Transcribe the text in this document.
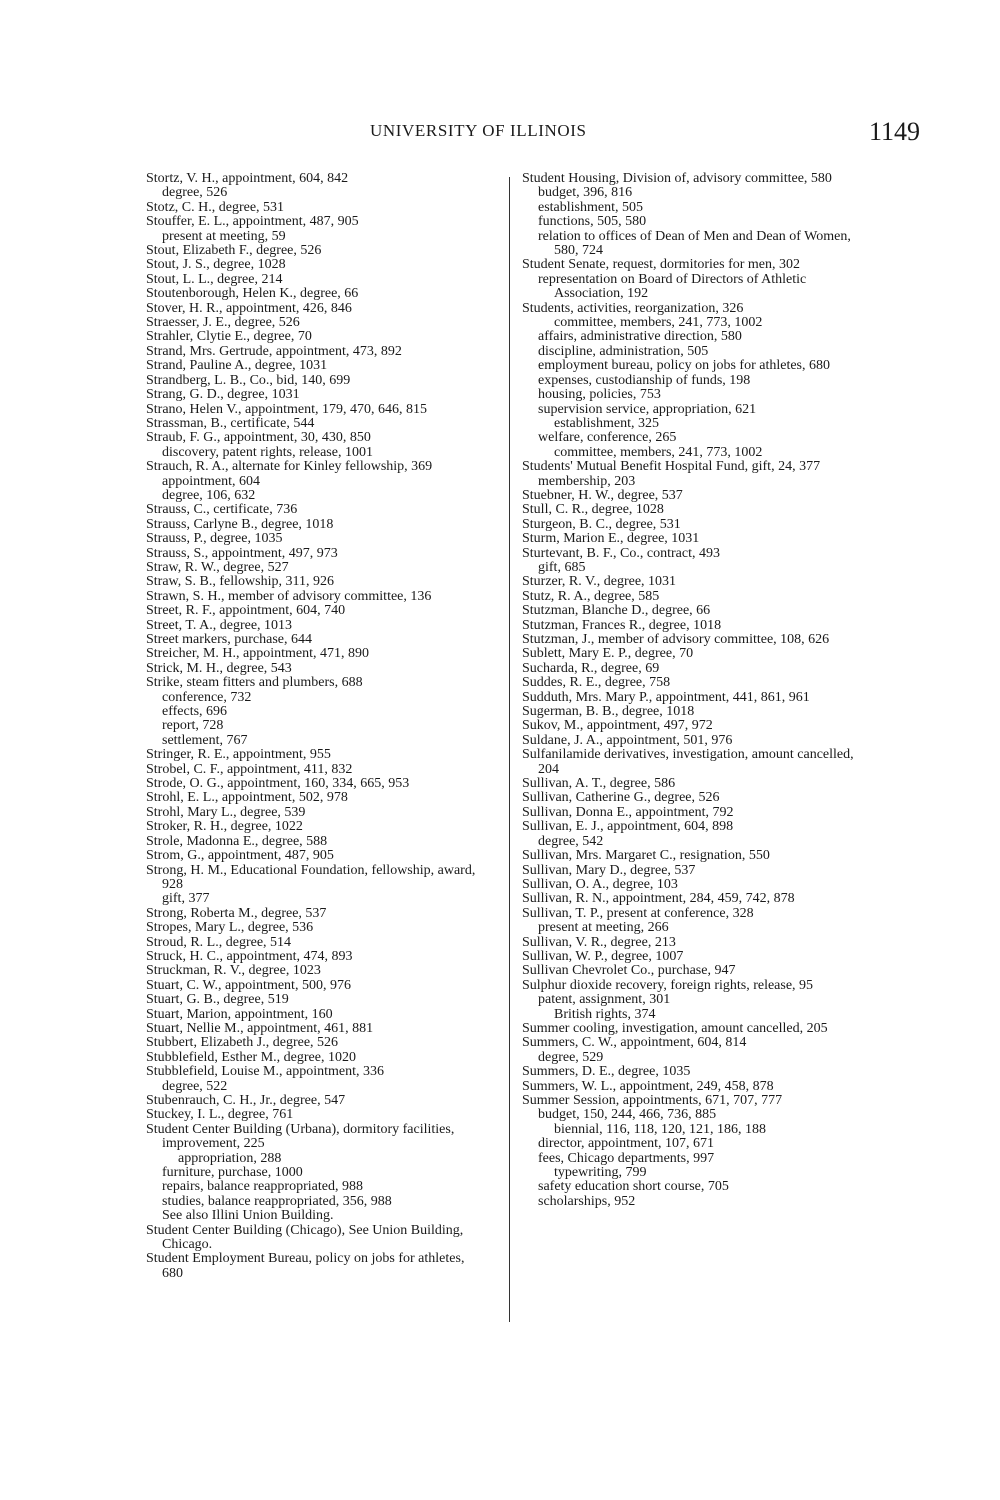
UNIVERSITY OF ILLINOIS	1149
Stortz, V. H., appointment, 604, 842
degree, 526
Stotz, C. H., degree, 531
Stouffer, E. L., appointment, 487, 905
present at meeting, 59
Stout, Elizabeth F., degree, 526
Stout, J. S., degree, 1028
Stout, L. L., degree, 214
Stoutenborough, Helen K., degree, 66
Stover, H. R., appointment, 426, 846
Straesser, J. E., degree, 526
Strahler, Clytie E., degree, 70
Strand, Mrs. Gertrude, appointment, 473, 892
Strand, Pauline A., degree, 1031
Strandberg, L. B., Co., bid, 140, 699
Strang, G. D., degree, 1031
Strano, Helen V., appointment, 179, 470, 646, 815
Strassman, B., certificate, 544
Straub, F. G., appointment, 30, 430, 850
discovery, patent rights, release, 1001
Strauch, R. A., alternate for Kinley fellowship, 369
appointment, 604
degree, 106, 632
Strauss, C., certificate, 736
Strauss, Carlyne B., degree, 1018
Strauss, P., degree, 1035
Strauss, S., appointment, 497, 973
Straw, R. W., degree, 527
Straw, S. B., fellowship, 311, 926
Strawn, S. H., member of advisory committee, 136
Street, R. F., appointment, 604, 740
Street, T. A., degree, 1013
Street markers, purchase, 644
Streicher, M. H., appointment, 471, 890
Strick, M. H., degree, 543
Strike, steam fitters and plumbers, 688
conference, 732
effects, 696
report, 728
settlement, 767
Stringer, R. E., appointment, 955
Strobel, C. F., appointment, 411, 832
Strode, O. G., appointment, 160, 334, 665, 953
Strohl, E. L., appointment, 502, 978
Strohl, Mary L., degree, 539
Stroker, R. H., degree, 1022
Strole, Madonna E., degree, 588
Strom, G., appointment, 487, 905
Strong, H. M., Educational Foundation, fellowship, award, 928
gift, 377
Strong, Roberta M., degree, 537
Stropes, Mary L., degree, 536
Stroud, R. L., degree, 514
Struck, H. C., appointment, 474, 893
Struckman, R. V., degree, 1023
Stuart, C. W., appointment, 500, 976
Stuart, G. B., degree, 519
Stuart, Marion, appointment, 160
Stuart, Nellie M., appointment, 461, 881
Stubbert, Elizabeth J., degree, 526
Stubblefield, Esther M., degree, 1020
Stubblefield, Louise M., appointment, 336
degree, 522
Stubenrauch, C. H., Jr., degree, 547
Stuckey, I. L., degree, 761
Student Center Building (Urbana), dormitory facilities, improvement, 225
appropriation, 288
furniture, purchase, 1000
repairs, balance reappropriated, 988
studies, balance reappropriated, 356, 988
See also Illini Union Building.
Student Center Building (Chicago), See Union Building, Chicago.
Student Employment Bureau, policy on jobs for athletes, 680
Student Housing, Division of, advisory committee, 580
budget, 396, 816
establishment, 505
functions, 505, 580
relation to offices of Dean of Men and Dean of Women, 580, 724
Student Senate, request, dormitories for men, 302
representation on Board of Directors of Athletic Association, 192
Students, activities, reorganization, 326
committee, members, 241, 773, 1002
affairs, administrative direction, 580
discipline, administration, 505
employment bureau, policy on jobs for athletes, 680
expenses, custodianship of funds, 198
housing, policies, 753
supervision service, appropriation, 621
establishment, 325
welfare, conference, 265
committee, members, 241, 773, 1002
Students' Mutual Benefit Hospital Fund, gift, 24, 377
membership, 203
Stuebner, H. W., degree, 537
Stull, C. R., degree, 1028
Sturgeon, B. C., degree, 531
Sturm, Marion E., degree, 1031
Sturtevant, B. F., Co., contract, 493
gift, 685
Sturzer, R. V., degree, 1031
Stutz, R. A., degree, 585
Stutzman, Blanche D., degree, 66
Stutzman, Frances R., degree, 1018
Stutzman, J., member of advisory committee, 108, 626
Sublett, Mary E. P., degree, 70
Sucharda, R., degree, 69
Suddes, R. E., degree, 758
Sudduth, Mrs. Mary P., appointment, 441, 861, 961
Sugerman, B. B., degree, 1018
Sukov, M., appointment, 497, 972
Suldane, J. A., appointment, 501, 976
Sulfanilamide derivatives, investigation, amount cancelled, 204
Sullivan, A. T., degree, 586
Sullivan, Catherine G., degree, 526
Sullivan, Donna E., appointment, 792
Sullivan, E. J., appointment, 604, 898
degree, 542
Sullivan, Mrs. Margaret C., resignation, 550
Sullivan, Mary D., degree, 537
Sullivan, O. A., degree, 103
Sullivan, R. N., appointment, 284, 459, 742, 878
Sullivan, T. P., present at conference, 328
present at meeting, 266
Sullivan, V. R., degree, 213
Sullivan, W. P., degree, 1007
Sullivan Chevrolet Co., purchase, 947
Sulphur dioxide recovery, foreign rights, release, 95
patent, assignment, 301
British rights, 374
Summer cooling, investigation, amount cancelled, 205
Summers, C. W., appointment, 604, 814
degree, 529
Summers, D. E., degree, 1035
Summers, W. L., appointment, 249, 458, 878
Summer Session, appointments, 671, 707, 777
budget, 150, 244, 466, 736, 885
biennial, 116, 118, 120, 121, 186, 188
director, appointment, 107, 671
fees, Chicago departments, 997
typewriting, 799
safety education short course, 705
scholarships, 952
